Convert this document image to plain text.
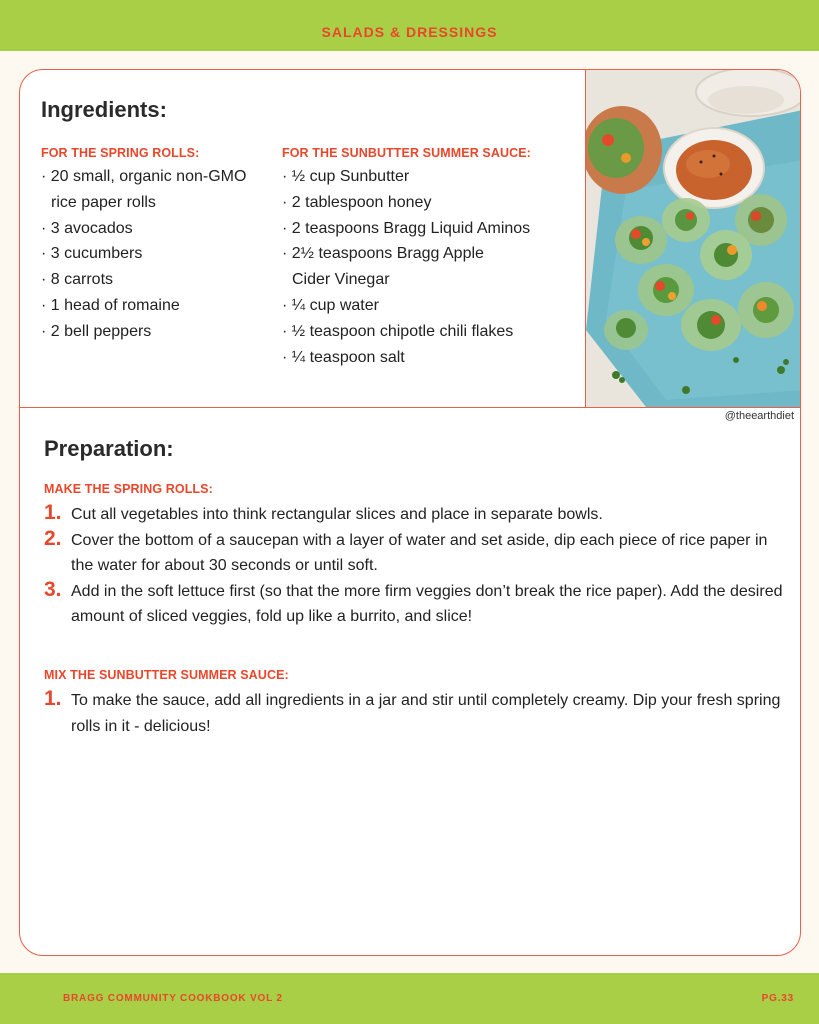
SALADS & DRESSINGS
Ingredients:
FOR THE SPRING ROLLS:
· 20 small, organic non-GMO rice paper rolls
· 3 avocados
· 3 cucumbers
· 8 carrots
· 1 head of romaine
· 2 bell peppers
FOR THE SUNBUTTER SUMMER SAUCE:
· ½ cup Sunbutter
· 2 tablespoon honey
· 2 teaspoons Bragg Liquid Aminos
· 2½ teaspoons Bragg Apple Cider Vinegar
· ¼ cup water
· ½ teaspoon chipotle chili flakes
· ¼ teaspoon salt
@theearthdiet
Preparation:
MAKE THE SPRING ROLLS:
1. Cut all vegetables into think rectangular slices and place in separate bowls.
2. Cover the bottom of a saucepan with a layer of water and set aside, dip each piece of rice paper in the water for about 30 seconds or until soft.
3. Add in the soft lettuce first (so that the more firm veggies don’t break the rice paper). Add the desired amount of sliced veggies, fold up like a burrito, and slice!
MIX THE SUNBUTTER SUMMER SAUCE:
1. To make the sauce, add all ingredients in a jar and stir until completely creamy. Dip your fresh spring rolls in it - delicious!
BRAGG COMMUNITY COOKBOOK VOL 2	PG.33
